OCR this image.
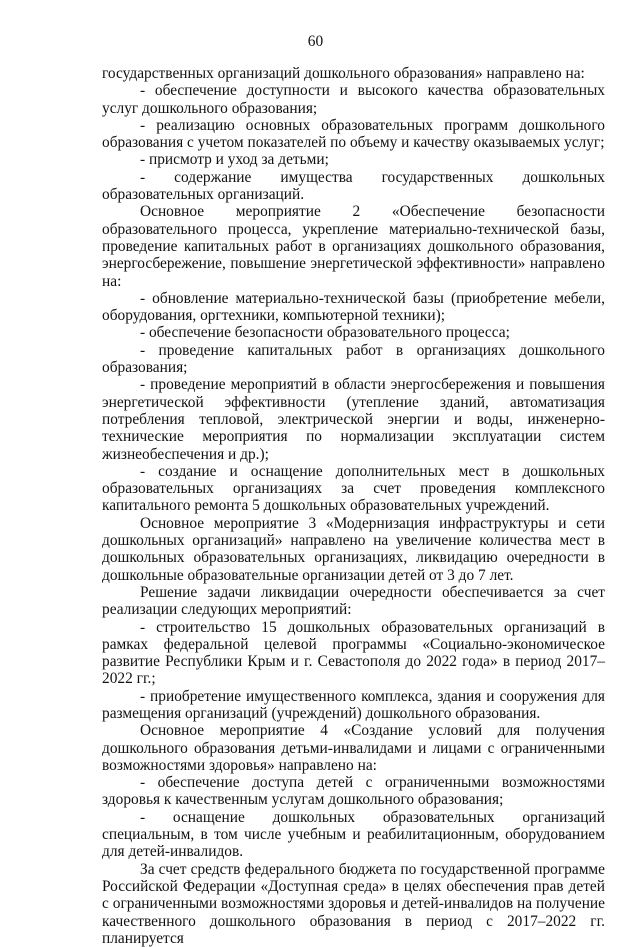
60

государственных организаций дошкольного образования» направлено на:

- обеспечение доступности и высокого качества образовательных услуг дошкольного образования;

- реализацию основных образовательных программ дошкольного образования с учетом показателей по объему и качеству оказываемых услуг;

- присмотр и уход за детьми;

- содержание имущества государственных дошкольных образовательных организаций.

Основное мероприятие 2 «Обеспечение безопасности образовательного процесса, укрепление материально-технической базы, проведение капитальных работ в организациях дошкольного образования, энергосбережение, повышение энергетической эффективности» направлено на:

- обновление материально-технической базы (приобретение мебели, оборудования, оргтехники, компьютерной техники);

- обеспечение безопасности образовательного процесса;

- проведение капитальных работ в организациях дошкольного образования;

- проведение мероприятий в области энергосбережения и повышения энергетической эффективности (утепление зданий, автоматизация потребления тепловой, электрической энергии и воды, инженерно-технические мероприятия по нормализации эксплуатации систем жизнеобеспечения и др.);

- создание и оснащение дополнительных мест в дошкольных образовательных организациях за счет проведения комплексного капитального ремонта 5 дошкольных образовательных учреждений.

Основное мероприятие 3 «Модернизация инфраструктуры и сети дошкольных организаций» направлено на увеличение количества мест в дошкольных образовательных организациях, ликвидацию очередности в дошкольные образовательные организации детей от 3 до 7 лет.

Решение задачи ликвидации очередности обеспечивается за счет реализации следующих мероприятий:

- строительство 15 дошкольных образовательных организаций в рамках федеральной целевой программы «Социально-экономическое развитие Республики Крым и г. Севастополя до 2022 года» в период 2017–2022 гг.;

- приобретение имущественного комплекса, здания и сооружения для размещения организаций (учреждений) дошкольного образования.

Основное мероприятие 4 «Создание условий для получения дошкольного образования детьми-инвалидами и лицами с ограниченными возможностями здоровья» направлено на:

- обеспечение доступа детей с ограниченными возможностями здоровья к качественным услугам дошкольного образования;

- оснащение дошкольных образовательных организаций специальным, в том числе учебным и реабилитационным, оборудованием для детей-инвалидов.

За счет средств федерального бюджета по государственной программе Российской Федерации «Доступная среда» в целях обеспечения прав детей с ограниченными возможностями здоровья и детей-инвалидов на получение качественного дошкольного образования в период с 2017–2022 гг. планируется
